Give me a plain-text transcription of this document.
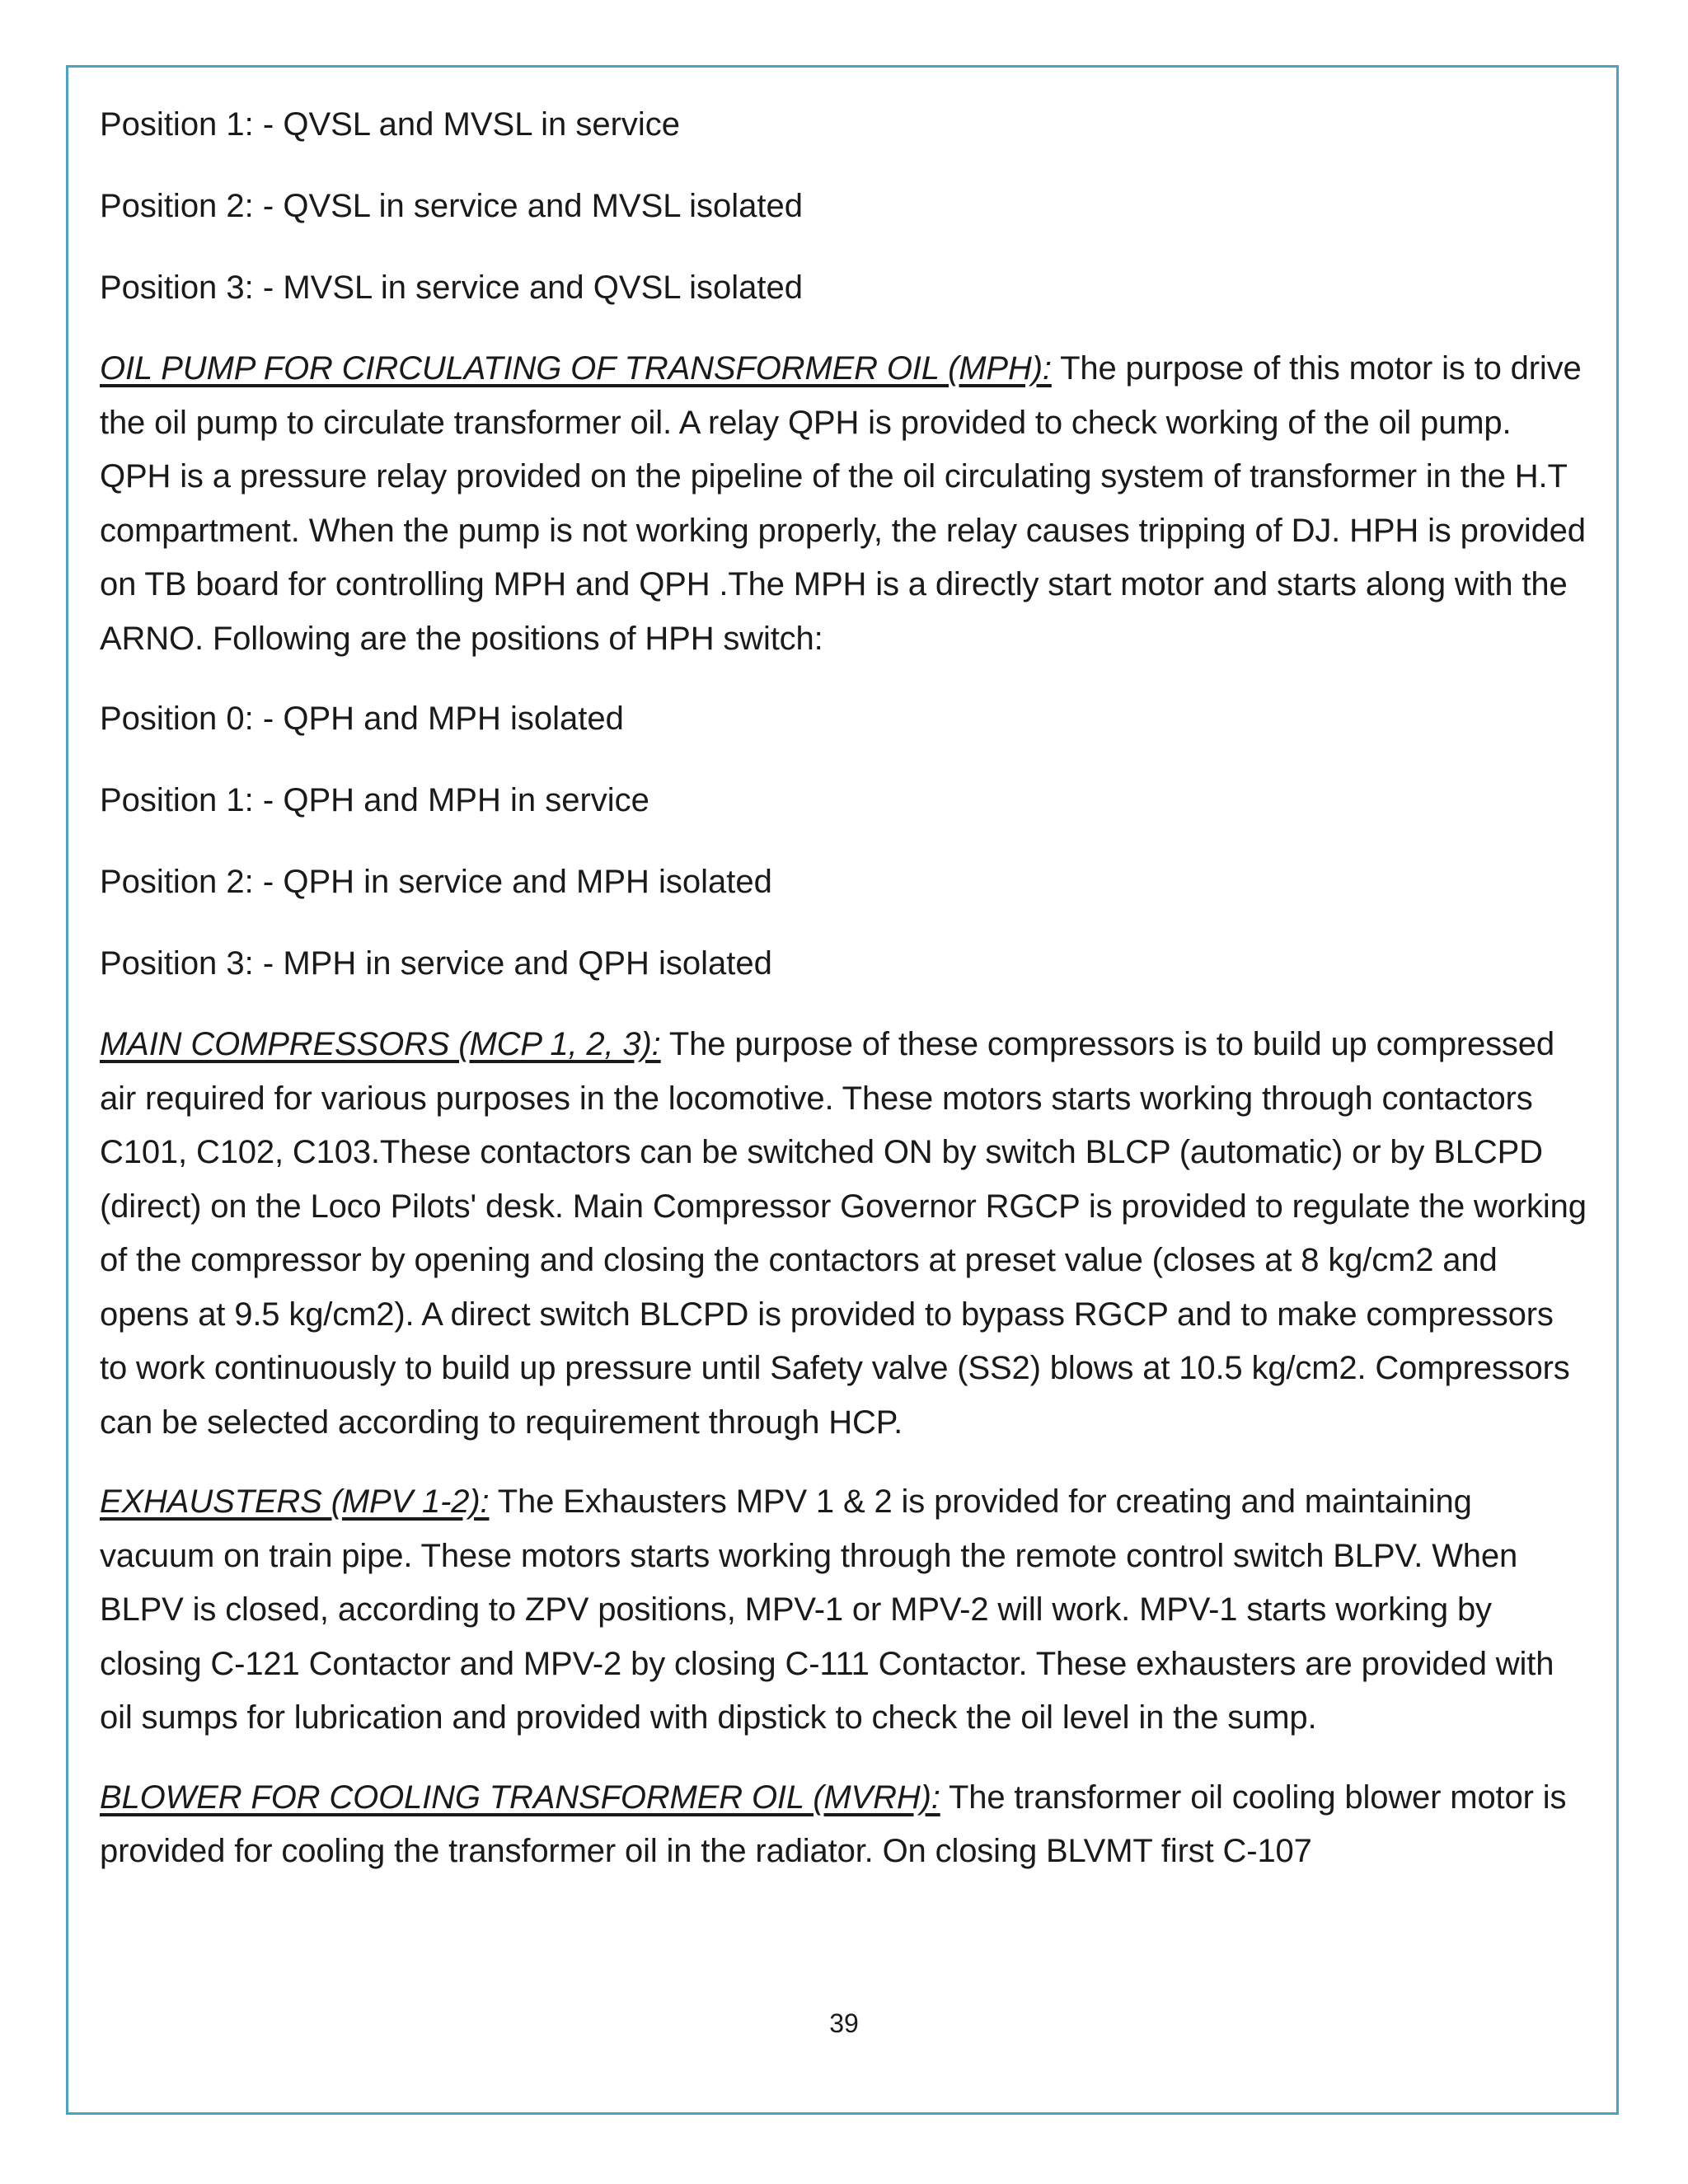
Position 1: - QVSL and MVSL in service
Position 2: - QVSL in service and MVSL isolated
Position 3: - MVSL in service and QVSL isolated

OIL PUMP FOR CIRCULATING OF TRANSFORMER OIL (MPH): The purpose of this motor is to drive the oil pump to circulate transformer oil. A relay QPH is provided to check working of the oil pump. QPH is a pressure relay provided on the pipeline of the oil circulating system of transformer in the H.T compartment. When the pump is not working properly, the relay causes tripping of DJ. HPH is provided on TB board for controlling MPH and QPH .The MPH is a directly start motor and starts along with the ARNO. Following are the positions of HPH switch:

Position 0: - QPH and MPH isolated
Position 1: - QPH and MPH in service
Position 2: - QPH in service and MPH isolated
Position 3: - MPH in service and QPH isolated

MAIN COMPRESSORS (MCP 1, 2, 3): The purpose of these compressors is to build up compressed air required for various purposes in the locomotive. These motors starts working through contactors C101, C102, C103.These contactors can be switched ON by switch BLCP (automatic) or by BLCPD (direct) on the Loco Pilots' desk. Main Compressor Governor RGCP is provided to regulate the working of the compressor by opening and closing the contactors at preset value (closes at 8 kg/cm2 and opens at 9.5 kg/cm2). A direct switch BLCPD is provided to bypass RGCP and to make compressors to work continuously to build up pressure until Safety valve (SS2) blows at 10.5 kg/cm2. Compressors can be selected according to requirement through HCP.

EXHAUSTERS (MPV 1-2): The Exhausters MPV 1 & 2 is provided for creating and maintaining vacuum on train pipe. These motors starts working through the remote control switch BLPV. When BLPV is closed, according to ZPV positions, MPV-1 or MPV-2 will work. MPV-1 starts working by closing C-121 Contactor and MPV-2 by closing C-111 Contactor. These exhausters are provided with oil sumps for lubrication and provided with dipstick to check the oil level in the sump.

BLOWER FOR COOLING TRANSFORMER OIL (MVRH): The transformer oil cooling blower motor is provided for cooling the transformer oil in the radiator. On closing BLVMT first C-107

39
